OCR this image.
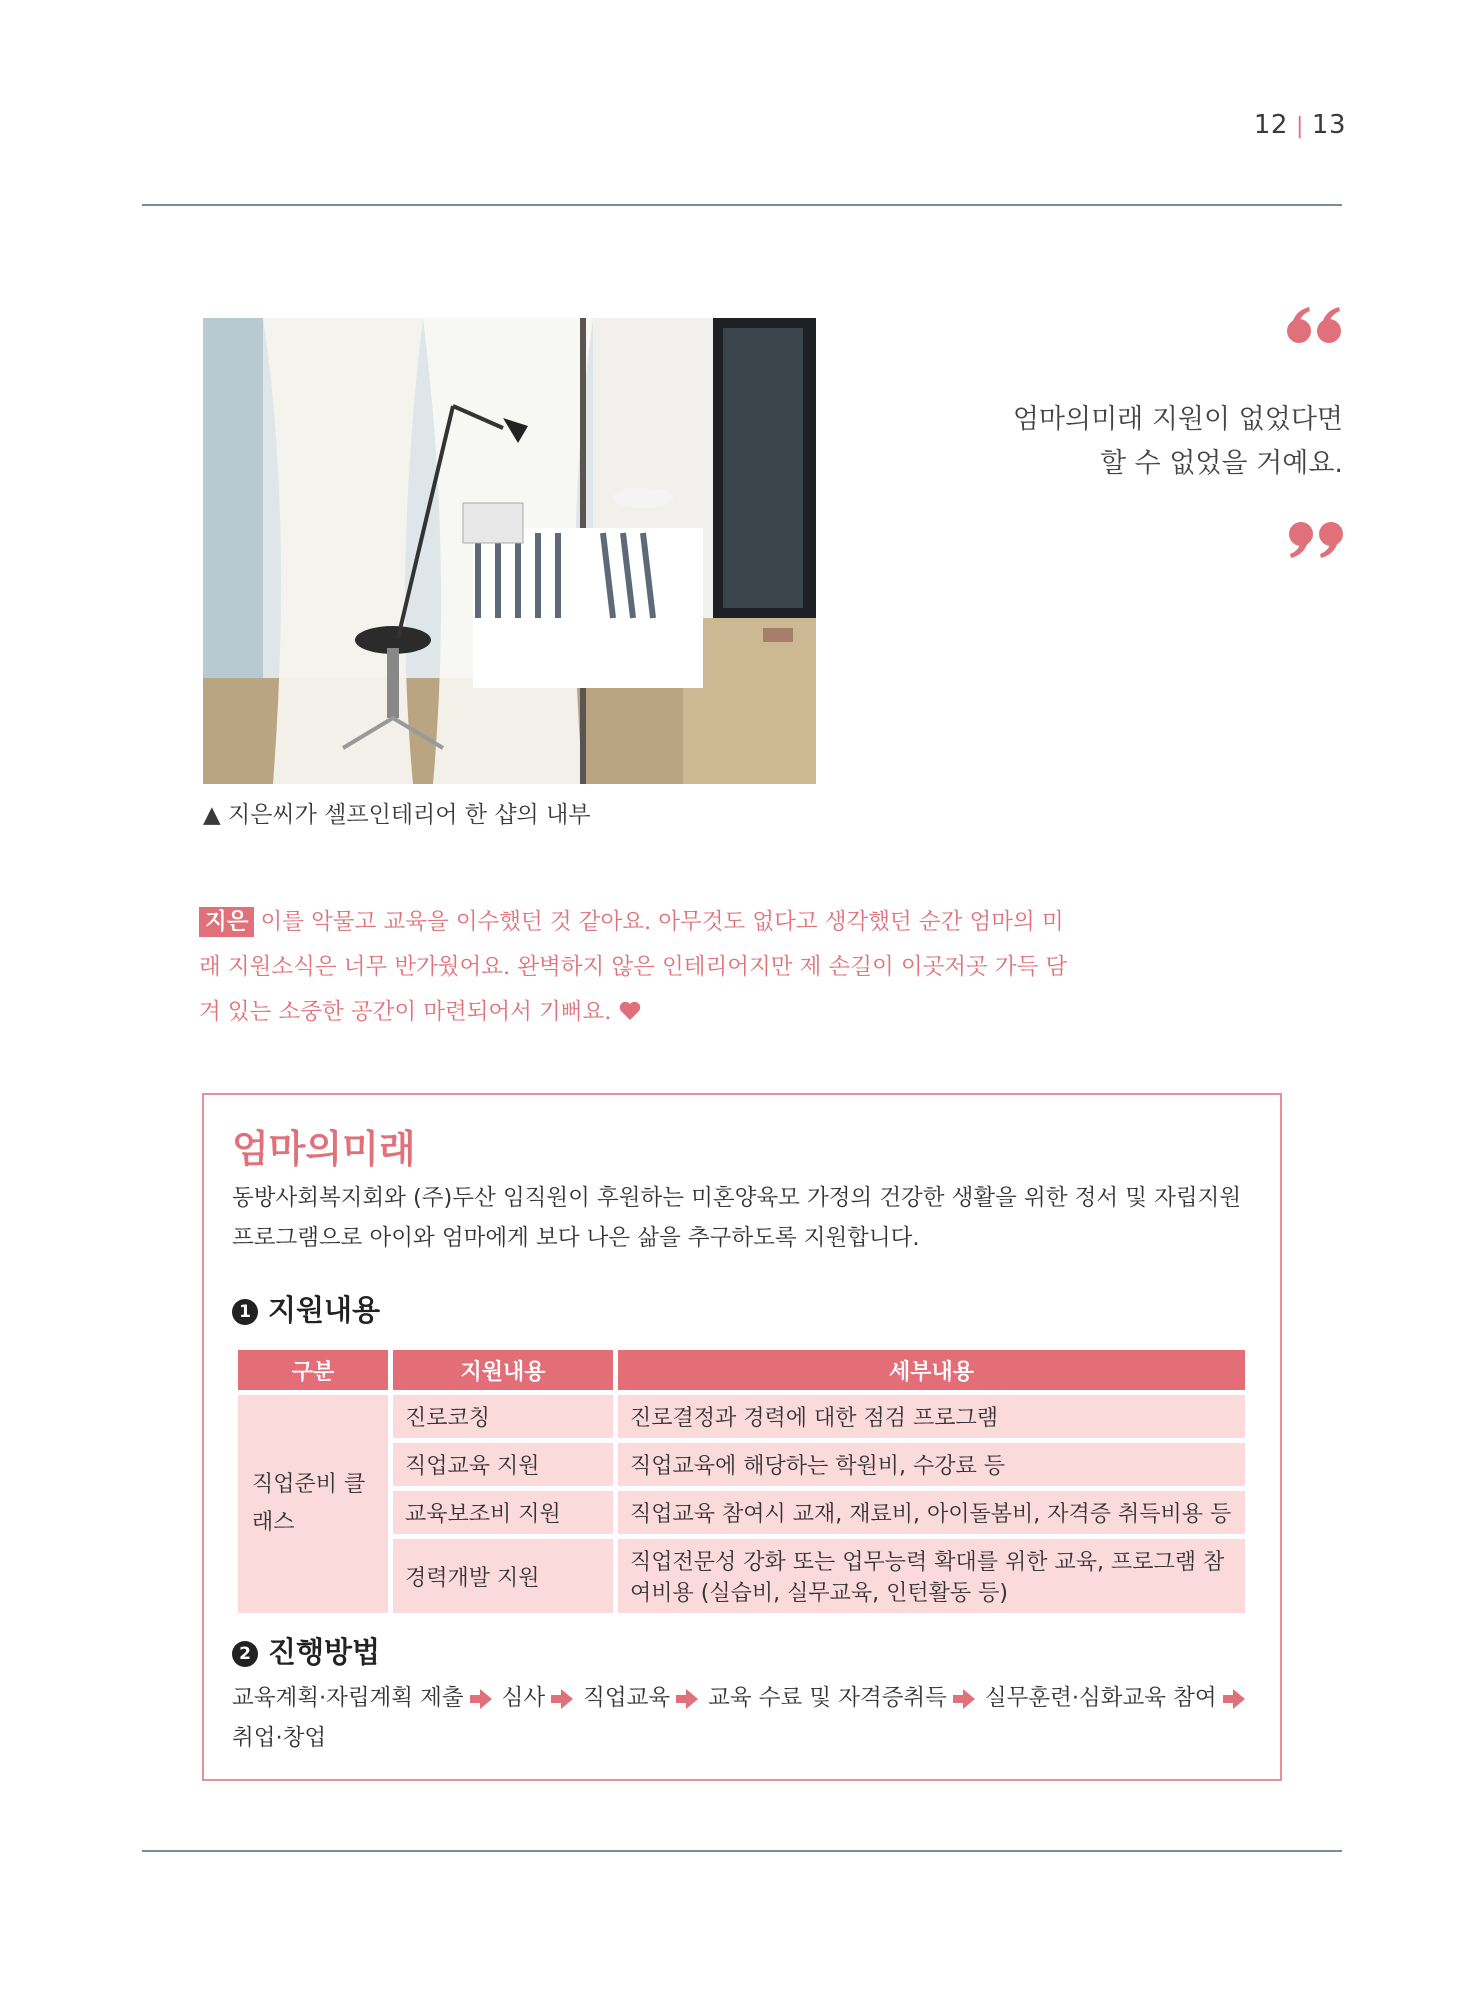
12 | 13
▲ 지은씨가 셀프인테리어 한 샵의 내부
엄마의미래 지원이 없었다면
할 수 없었을 거예요.
지은 이를 악물고 교육을 이수했던 것 같아요. 아무것도 없다고 생각했던 순간 엄마의 미래 지원소식은 너무 반가웠어요. 완벽하지 않은 인테리어지만 제 손길이 이곳저곳 가득 담겨 있는 소중한 공간이 마련되어서 기뻐요.
엄마의미래
동방사회복지회와 (주)두산 임직원이 후원하는 미혼양육모 가정의 건강한 생활을 위한 정서 및 자립지원 프로그램으로 아이와 엄마에게 보다 나은 삶을 추구하도록 지원합니다.
1 지원내용
구분	지원내용	세부내용
직업준비 클래스	진로코칭	진로결정과 경력에 대한 점검 프로그램
	직업교육 지원	직업교육에 해당하는 학원비, 수강료 등
	교육보조비 지원	직업교육 참여시 교재, 재료비, 아이돌봄비, 자격증 취득비용 등
	경력개발 지원	직업전문성 강화 또는 업무능력 확대를 위한 교육, 프로그램 참여비용 (실습비, 실무교육, 인턴활동 등)
2 진행방법
교육계획·자립계획 제출 심사 직업교육 교육 수료 및 자격증취득 실무훈련·심화교육 참여취업·창업
